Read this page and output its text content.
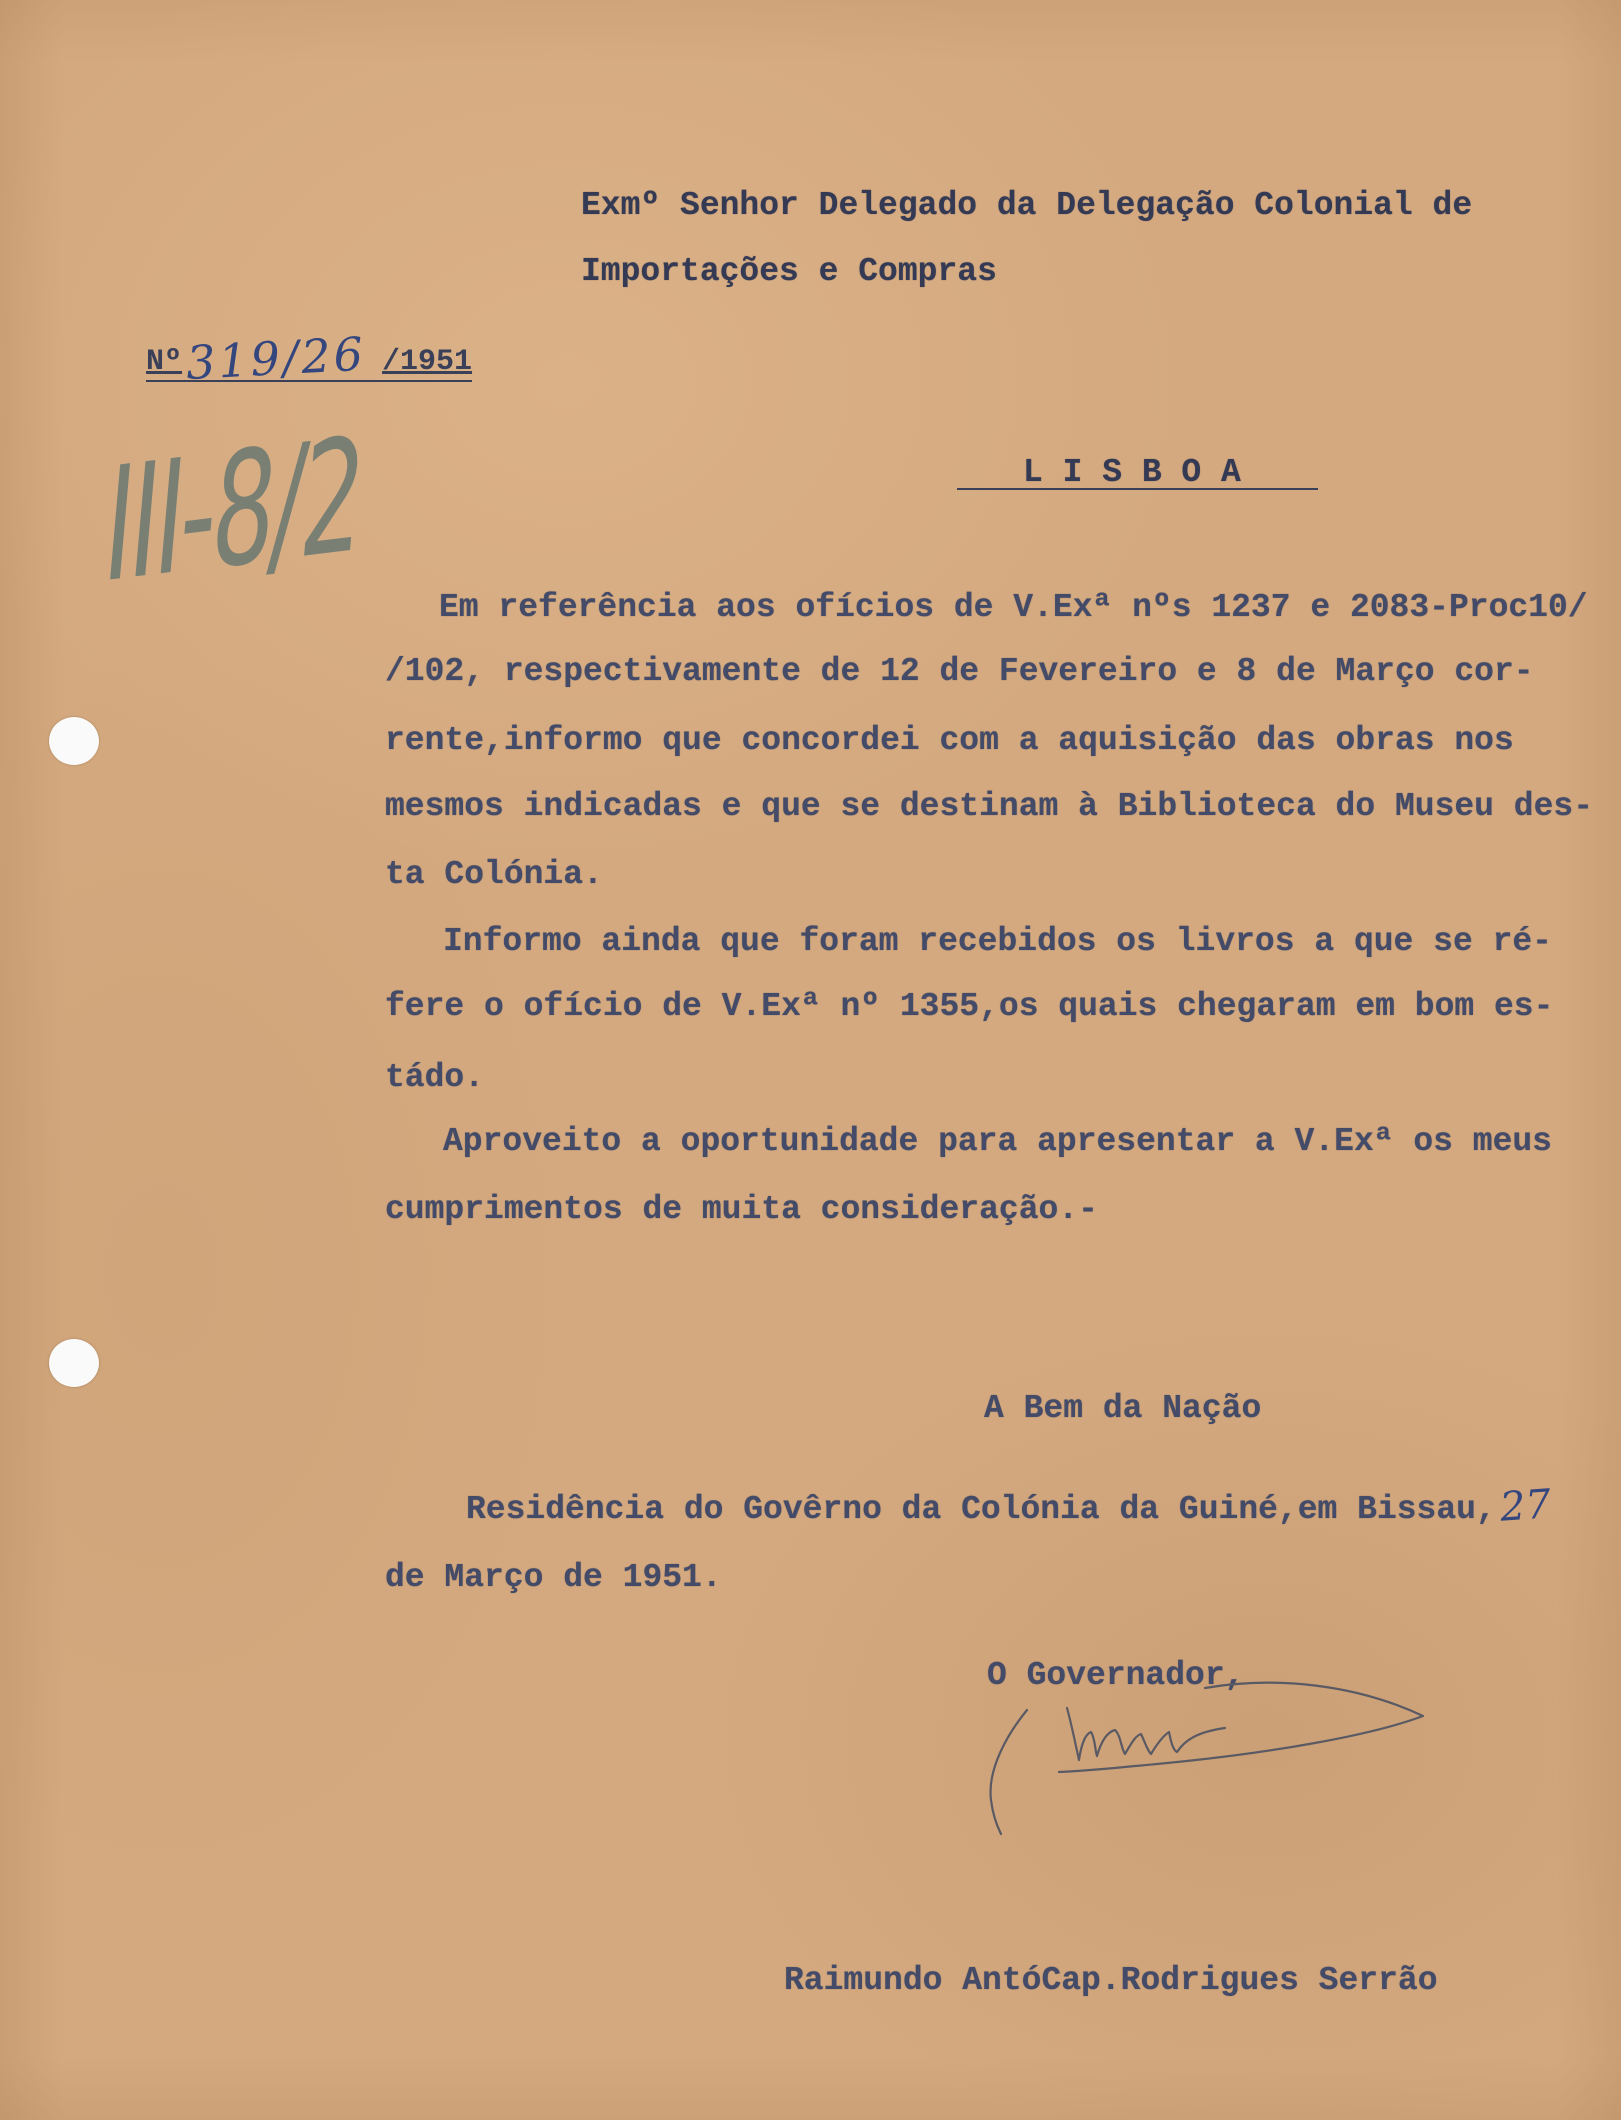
Exmº Senhor Delegado da Delegação Colonial de
Importações e Compras
Nº 319/26 /1951
III-8/2	L I S B O A
Em referência aos ofícios de V.Exª nºs 1237 e 2083-Proc10/
/102, respectivamente de 12 de Fevereiro e 8 de Março cor-
rente,informo que concordei com a aquisição das obras nos
mesmos indicadas e que se destinam à Biblioteca do Museu des-
ta Colónia.
Informo ainda que foram recebidos os livros a que se ré-
fere o ofício de V.Exª nº 1355,os quais chegaram em bom es-
tádo.
Aproveito a oportunidade para apresentar a V.Exª os meus
cumprimentos de muita consideração.-
A Bem da Nação
Residência do Govêrno da Colónia da Guiné,em Bissau, 27
de Março de 1951.
O Governador,
Raimundo AntóCap.Rodrigues Serrão
